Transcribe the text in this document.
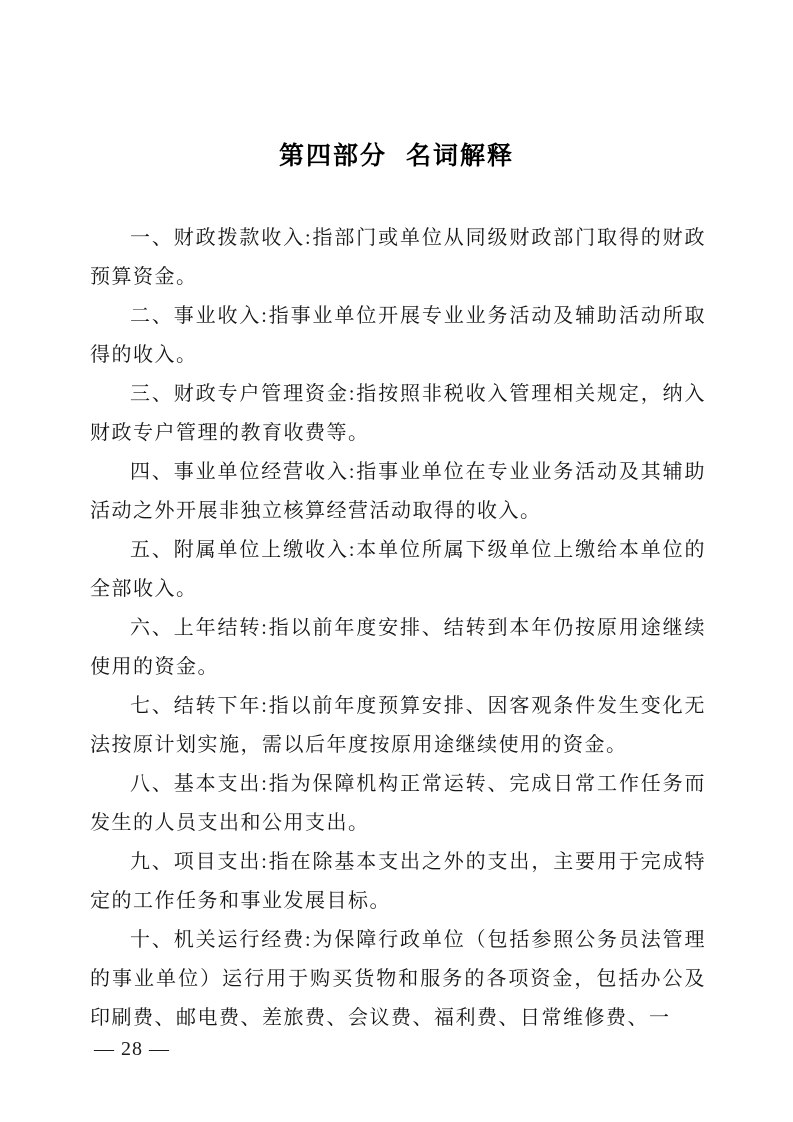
第四部分 名词解释

一、财政拨款收入:指部门或单位从同级财政部门取得的财政预算资金。

二、事业收入:指事业单位开展专业业务活动及辅助活动所取得的收入。

三、财政专户管理资金:指按照非税收入管理相关规定，纳入财政专户管理的教育收费等。

四、事业单位经营收入:指事业单位在专业业务活动及其辅助活动之外开展非独立核算经营活动取得的收入。

五、附属单位上缴收入:本单位所属下级单位上缴给本单位的全部收入。

六、上年结转:指以前年度安排、结转到本年仍按原用途继续使用的资金。

七、结转下年:指以前年度预算安排、因客观条件发生变化无法按原计划实施，需以后年度按原用途继续使用的资金。

八、基本支出:指为保障机构正常运转、完成日常工作任务而发生的人员支出和公用支出。

九、项目支出:指在除基本支出之外的支出，主要用于完成特定的工作任务和事业发展目标。

十、机关运行经费:为保障行政单位（包括参照公务员法管理的事业单位）运行用于购买货物和服务的各项资金，包括办公及印刷费、邮电费、差旅费、会议费、福利费、日常维修费、一

— 28 —
